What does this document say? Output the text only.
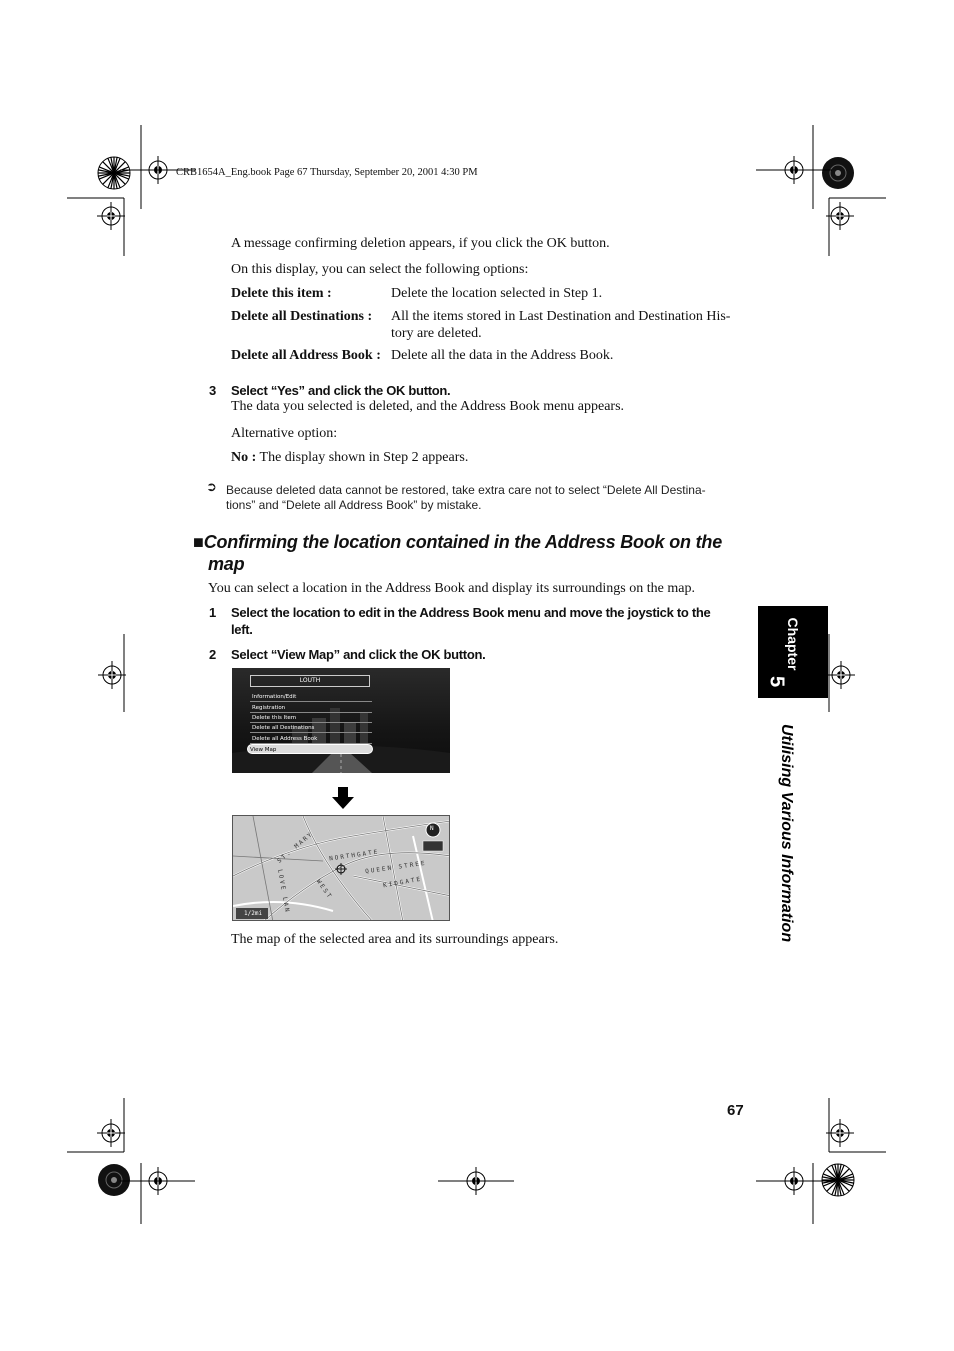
CRB1654A_Eng.book Page 67 Thursday, September 20, 2001 4:30 PM
A message confirming deletion appears, if you click the OK button.
On this display, you can select the following options:
Delete this item :	Delete the location selected in Step 1.
Delete all Destinations : All the items stored in Last Destination and Destination His-
tory are deleted.
Delete all Address Book : Delete all the data in the Address Book.
3 Select “Yes” and click the OK button.
The data you selected is deleted, and the Address Book menu appears.
Alternative option:
No : The display shown in Step 2 appears.
➲ Because deleted data cannot be restored, take extra care not to select “Delete All Destina-
tions” and “Delete all Address Book” by mistake.
■Confirming the location contained in the Address Book on the
map
You can select a location in the Address Book and display its surroundings on the map.
1 Select the location to edit in the Address Book menu and move the joystick to the
left.
2 Select “View Map” and click the OK button.
LOUTH
Information/Edit
Registration
Delete this Item
Delete all Destinations
Delete all Address Book
View Map
ST. MARY NORTHGATE
QUEEN STREE
KIDGATE
LOVE LAN	WEST
1/2mi
N
The map of the selected area and its surroundings appears.
Chapter
5
Utilising Various Information
67
